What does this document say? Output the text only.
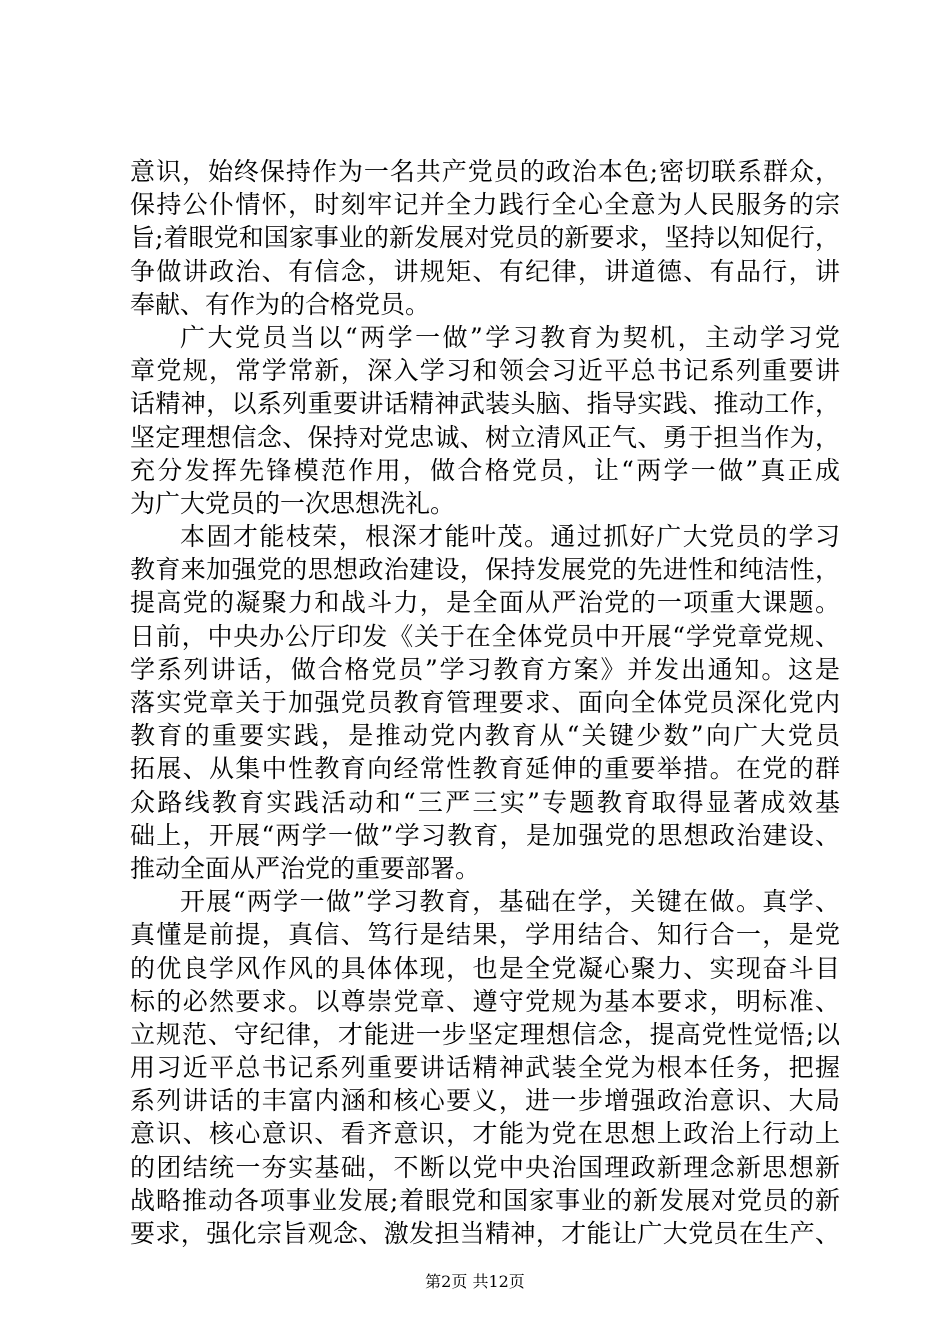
意识，始终保持作为一名共产党员的政治本色;密切联系群众，
保持公仆情怀，时刻牢记并全力践行全心全意为人民服务的宗
旨;着眼党和国家事业的新发展对党员的新要求，坚持以知促行，
争做讲政治、有信念，讲规矩、有纪律，讲道德、有品行，讲
奉献、有作为的合格党员。
广大党员当以“两学一做”学习教育为契机，主动学习党
章党规，常学常新，深入学习和领会习近平总书记系列重要讲
话精神，以系列重要讲话精神武装头脑、指导实践、推动工作，
坚定理想信念、保持对党忠诚、树立清风正气、勇于担当作为，
充分发挥先锋模范作用，做合格党员，让“两学一做”真正成
为广大党员的一次思想洗礼。
本固才能枝荣，根深才能叶茂。通过抓好广大党员的学习
教育来加强党的思想政治建设，保持发展党的先进性和纯洁性，
提高党的凝聚力和战斗力，是全面从严治党的一项重大课题。
日前，中央办公厅印发《关于在全体党员中开展“学党章党规、
学系列讲话，做合格党员”学习教育方案》并发出通知。这是
落实党章关于加强党员教育管理要求、面向全体党员深化党内
教育的重要实践，是推动党内教育从“关键少数”向广大党员
拓展、从集中性教育向经常性教育延伸的重要举措。在党的群
众路线教育实践活动和“三严三实”专题教育取得显著成效基
础上，开展“两学一做”学习教育，是加强党的思想政治建设、
推动全面从严治党的重要部署。
开展“两学一做”学习教育，基础在学，关键在做。真学、
真懂是前提，真信、笃行是结果，学用结合、知行合一，是党
的优良学风作风的具体体现，也是全党凝心聚力、实现奋斗目
标的必然要求。以尊崇党章、遵守党规为基本要求，明标准、
立规范、守纪律，才能进一步坚定理想信念，提高党性觉悟;以
用习近平总书记系列重要讲话精神武装全党为根本任务，把握
系列讲话的丰富内涵和核心要义，进一步增强政治意识、大局
意识、核心意识、看齐意识，才能为党在思想上政治上行动上
的团结统一夯实基础，不断以党中央治国理政新理念新思想新
战略推动各项事业发展;着眼党和国家事业的新发展对党员的新
要求，强化宗旨观念、激发担当精神，才能让广大党员在生产、
第2页 共12页
